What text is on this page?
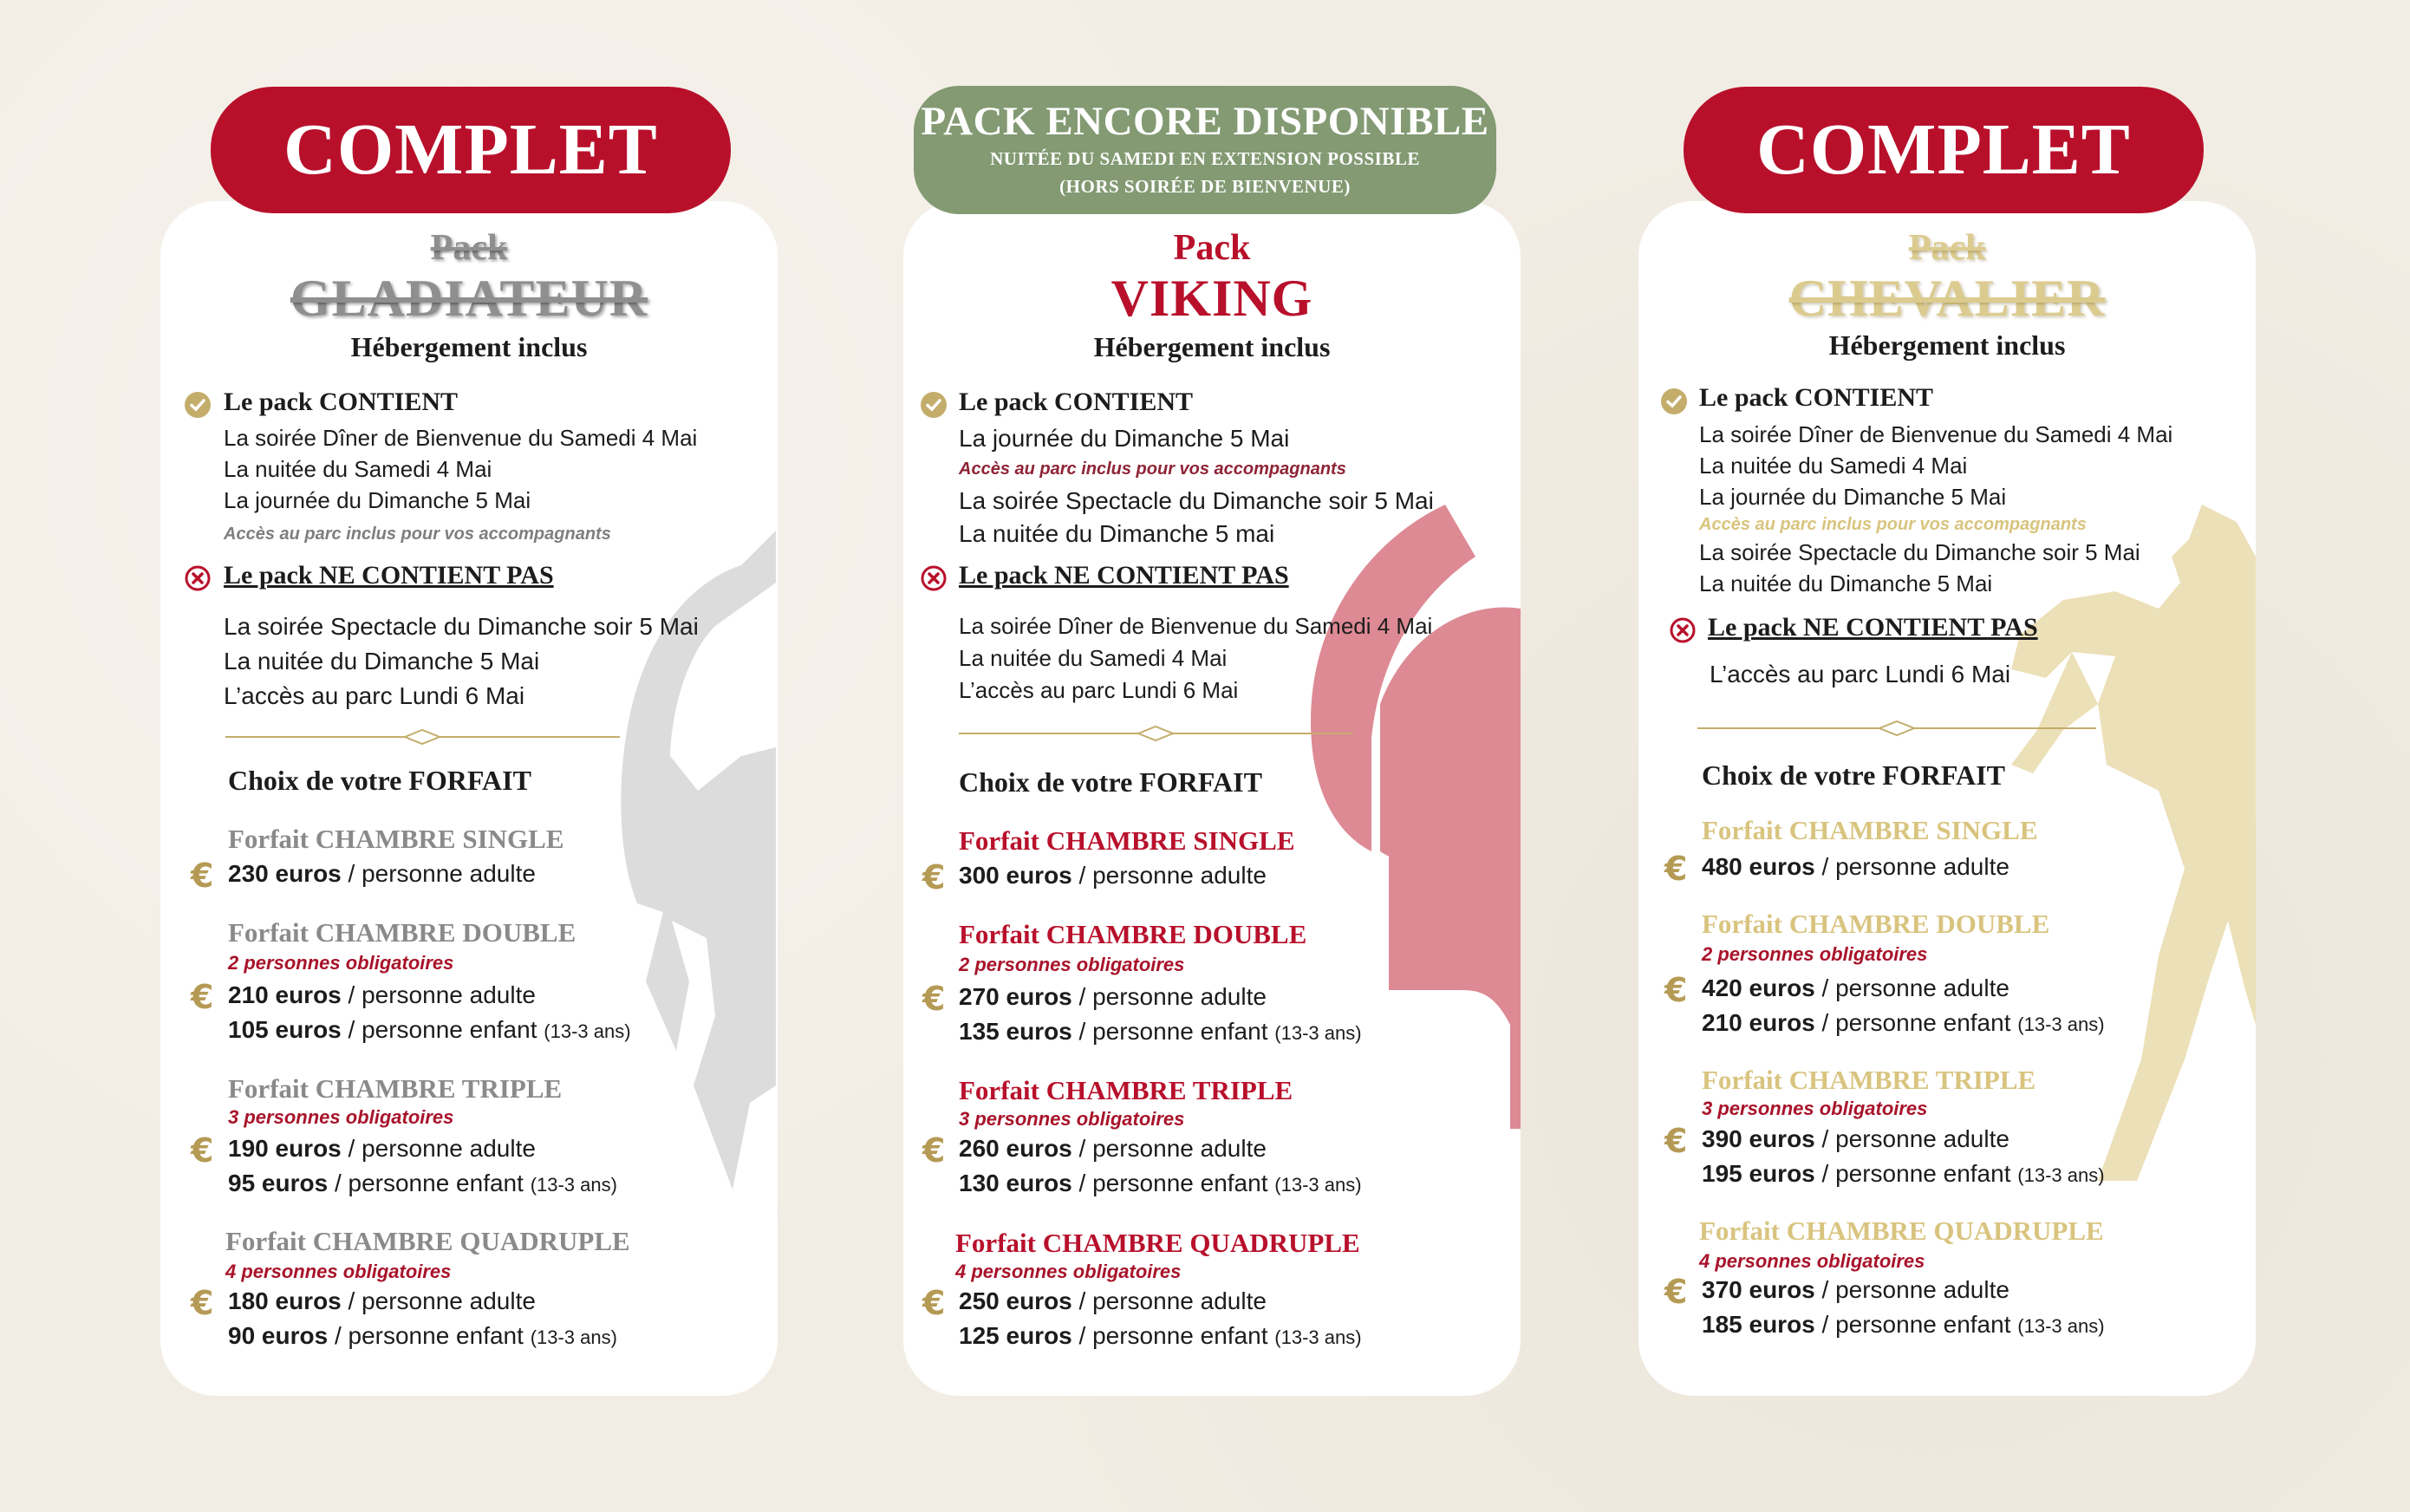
COMPLET
Pack
GLADIATEUR
Hébergement inclus
Le pack CONTIENT
La soirée Dîner de Bienvenue du Samedi 4 Mai
La nuitée du Samedi 4 Mai
La journée du Dimanche 5 Mai
Accès au parc inclus pour vos accompagnants
Le pack NE CONTIENT PAS
La soirée Spectacle du Dimanche soir 5 Mai
La nuitée du Dimanche 5 Mai
L’accès au parc Lundi 6 Mai
Choix de votre FORFAIT
Forfait CHAMBRE SINGLE
€ 230 euros / personne adulte
Forfait CHAMBRE DOUBLE
2 personnes obligatoires
€ 210 euros / personne adulte
105 euros / personne enfant (13-3 ans)
Forfait CHAMBRE TRIPLE
3 personnes obligatoires
€ 190 euros / personne adulte
95 euros / personne enfant (13-3 ans)
Forfait CHAMBRE QUADRUPLE
4 personnes obligatoires
€ 180 euros / personne adulte
90 euros / personne enfant (13-3 ans)
PACK ENCORE DISPONIBLE
NUITÉE DU SAMEDI EN EXTENSION POSSIBLE
(HORS SOIRÉE DE BIENVENUE)
Pack
VIKING
Hébergement inclus
Le pack CONTIENT
La journée du Dimanche 5 Mai
Accès au parc inclus pour vos accompagnants
La soirée Spectacle du Dimanche soir 5 Mai
La nuitée du Dimanche 5 mai
Le pack NE CONTIENT PAS
La soirée Dîner de Bienvenue du Samedi 4 Mai
La nuitée du Samedi 4 Mai
L’accès au parc Lundi 6 Mai
Choix de votre FORFAIT
Forfait CHAMBRE SINGLE
€ 300 euros / personne adulte
Forfait CHAMBRE DOUBLE
2 personnes obligatoires
€ 270 euros / personne adulte
135 euros / personne enfant (13-3 ans)
Forfait CHAMBRE TRIPLE
3 personnes obligatoires
€ 260 euros / personne adulte
130 euros / personne enfant (13-3 ans)
Forfait CHAMBRE QUADRUPLE
4 personnes obligatoires
€ 250 euros / personne adulte
125 euros / personne enfant (13-3 ans)
COMPLET
Pack
CHEVALIER
Hébergement inclus
Le pack CONTIENT
La soirée Dîner de Bienvenue du Samedi 4 Mai
La nuitée du Samedi 4 Mai
La journée du Dimanche 5 Mai
Accès au parc inclus pour vos accompagnants
La soirée Spectacle du Dimanche soir 5 Mai
La nuitée du Dimanche 5 Mai
Le pack NE CONTIENT PAS
L’accès au parc Lundi 6 Mai
Choix de votre FORFAIT
Forfait CHAMBRE SINGLE
€ 480 euros / personne adulte
Forfait CHAMBRE DOUBLE
2 personnes obligatoires
€ 420 euros / personne adulte
210 euros / personne enfant (13-3 ans)
Forfait CHAMBRE TRIPLE
3 personnes obligatoires
€ 390 euros / personne adulte
195 euros / personne enfant (13-3 ans)
Forfait CHAMBRE QUADRUPLE
4 personnes obligatoires
€ 370 euros / personne adulte
185 euros / personne enfant (13-3 ans)
